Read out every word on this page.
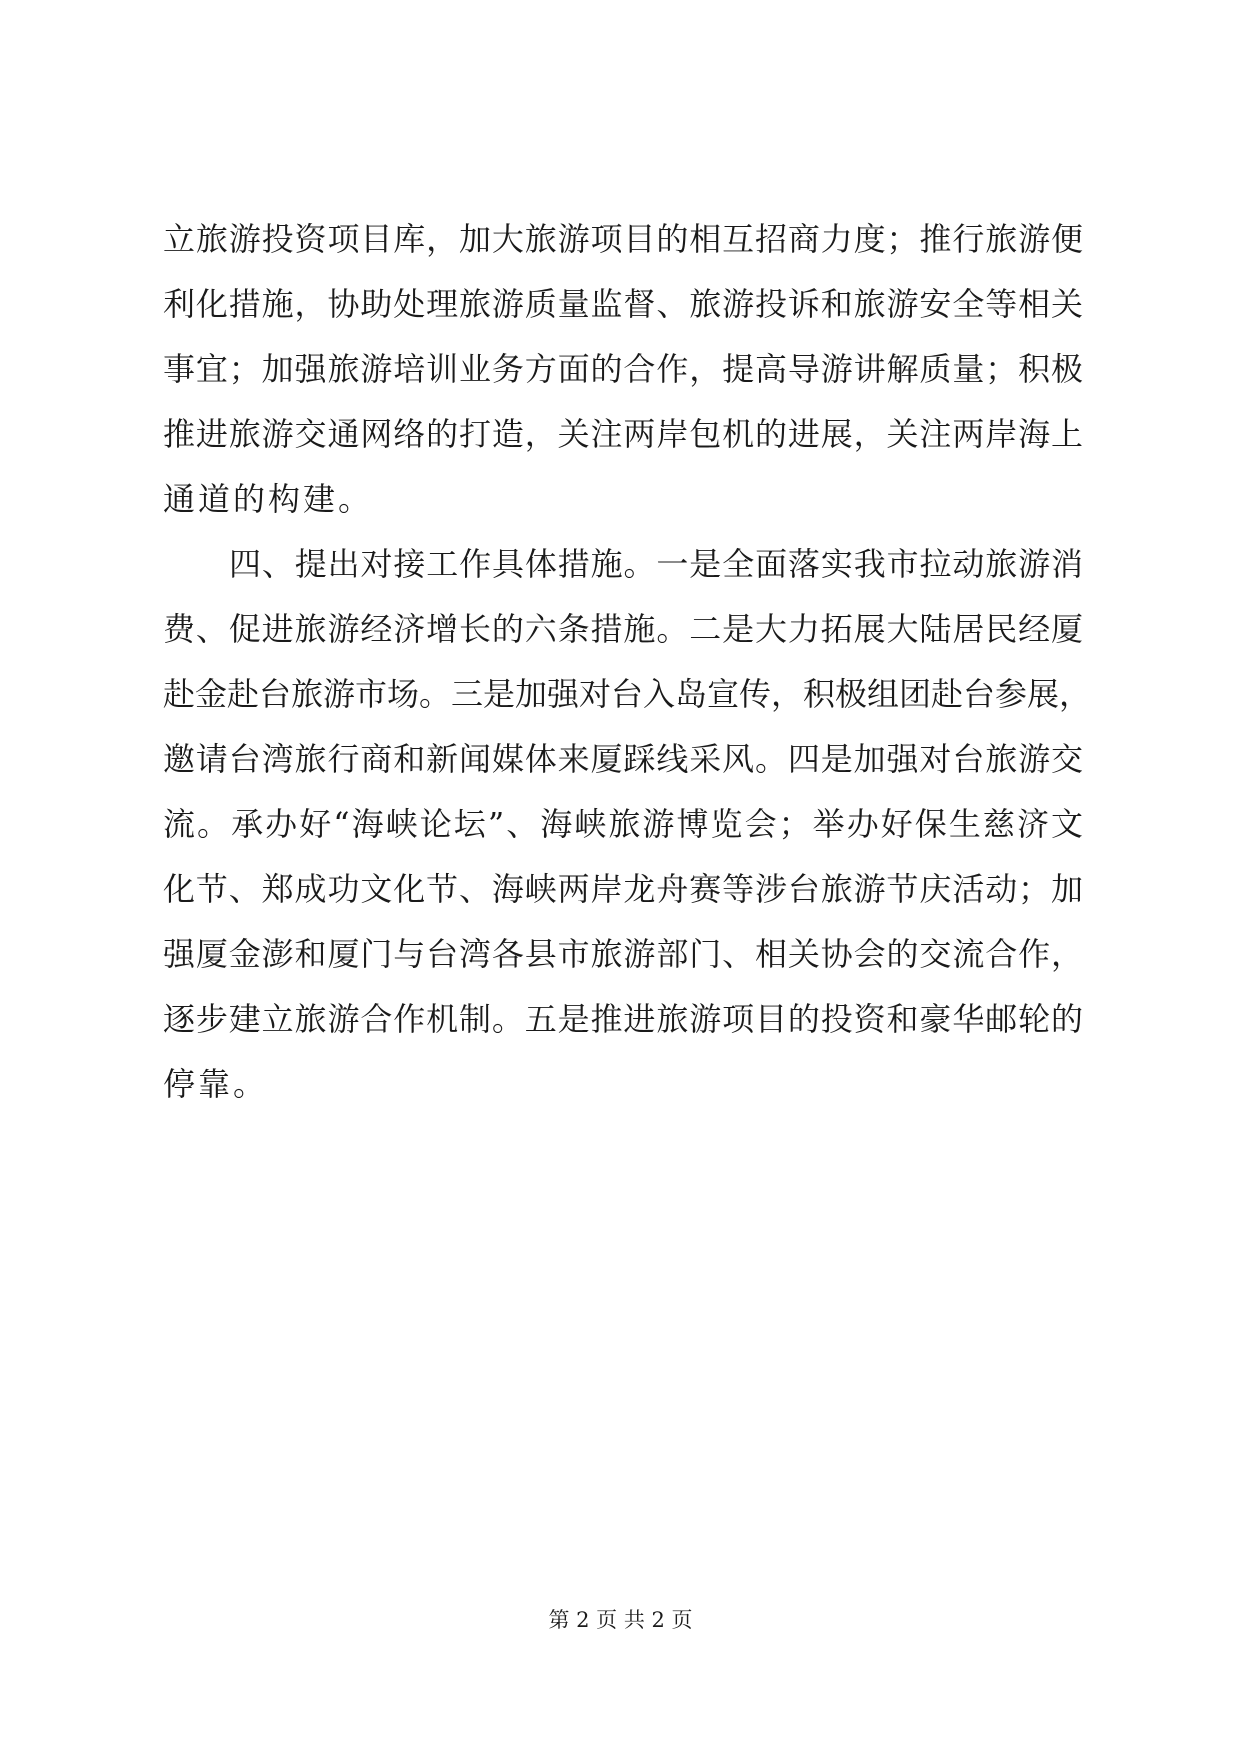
立旅游投资项目库，加大旅游项目的相互招商力度；推行旅游便
利化措施，协助处理旅游质量监督、旅游投诉和旅游安全等相关
事宜；加强旅游培训业务方面的合作，提高导游讲解质量；积极
推进旅游交通网络的打造，关注两岸包机的进展，关注两岸海上
通道的构建。
四、提出对接工作具体措施。一是全面落实我市拉动旅游消
费、促进旅游经济增长的六条措施。二是大力拓展大陆居民经厦
赴金赴台旅游市场。三是加强对台入岛宣传，积极组团赴台参展，
邀请台湾旅行商和新闻媒体来厦踩线采风。四是加强对台旅游交
流。承办好“海峡论坛”、海峡旅游博览会；举办好保生慈济文
化节、郑成功文化节、海峡两岸龙舟赛等涉台旅游节庆活动；加
强厦金澎和厦门与台湾各县市旅游部门、相关协会的交流合作，
逐步建立旅游合作机制。五是推进旅游项目的投资和豪华邮轮的
停靠。
第 2 页 共 2 页
